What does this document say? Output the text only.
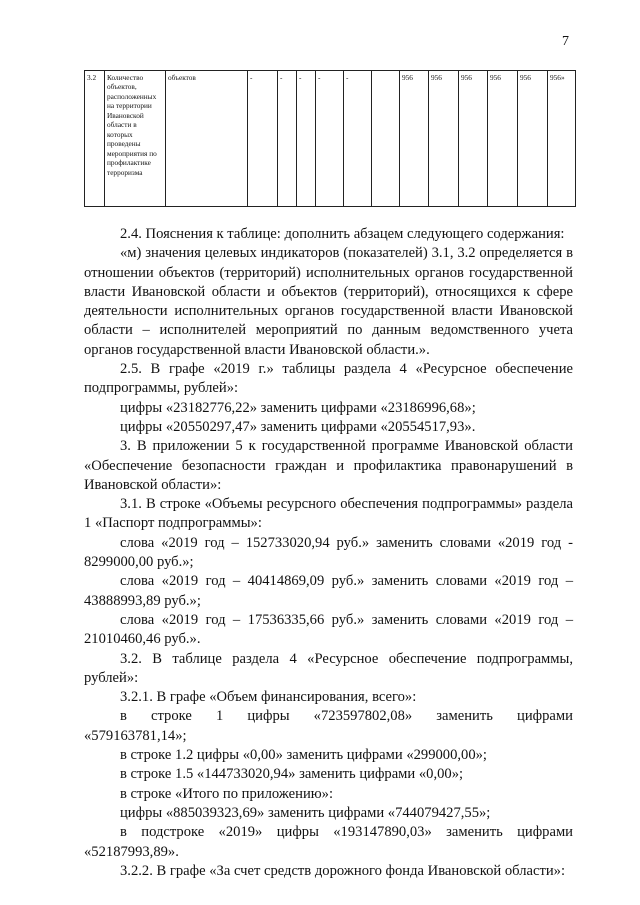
7
3.2	Количество объектов, расположенных на территории Ивановской области в которых проведены мероприятия по профилактике терроризма	объектов	-	-	-	-	-		956	956	956	956	956	956»

2.4. Пояснения к таблице: дополнить абзацем следующего содержания:

«м) значения целевых индикаторов (показателей) 3.1, 3.2 определяется в отношении объектов (территорий) исполнительных органов государственной власти Ивановской области и объектов (территорий), относящихся к сфере деятельности исполнительных органов государственной власти Ивановской области – исполнителей мероприятий по данным ведомственного учета органов государственной власти Ивановской области.».

2.5. В графе «2019 г.» таблицы раздела 4 «Ресурсное обеспечение подпрограммы, рублей»:

цифры «23182776,22» заменить цифрами «23186996,68»;

цифры «20550297,47» заменить цифрами «20554517,93».

3. В приложении 5 к государственной программе Ивановской области «Обеспечение безопасности граждан и профилактика правонарушений в Ивановской области»:

3.1. В строке «Объемы ресурсного обеспечения подпрограммы» раздела 1 «Паспорт подпрограммы»:

слова «2019 год – 152733020,94 руб.» заменить словами «2019 год - 8299000,00 руб.»;

слова «2019 год – 40414869,09 руб.» заменить словами «2019 год – 43888993,89 руб.»;

слова «2019 год – 17536335,66 руб.» заменить словами «2019 год – 21010460,46 руб.».

3.2. В таблице раздела 4 «Ресурсное обеспечение подпрограммы, рублей»:

3.2.1. В графе «Объем финансирования, всего»:

в строке 1 цифры «723597802,08» заменить цифрами

«579163781,14»;

в строке 1.2 цифры «0,00» заменить цифрами «299000,00»;

в строке 1.5 «144733020,94» заменить цифрами «0,00»;

в строке «Итого по приложению»:

цифры «885039323,69» заменить цифрами «744079427,55»;

в подстроке «2019» цифры «193147890,03» заменить цифрами «52187993,89».

3.2.2. В графе «За счет средств дорожного фонда Ивановской области»:
